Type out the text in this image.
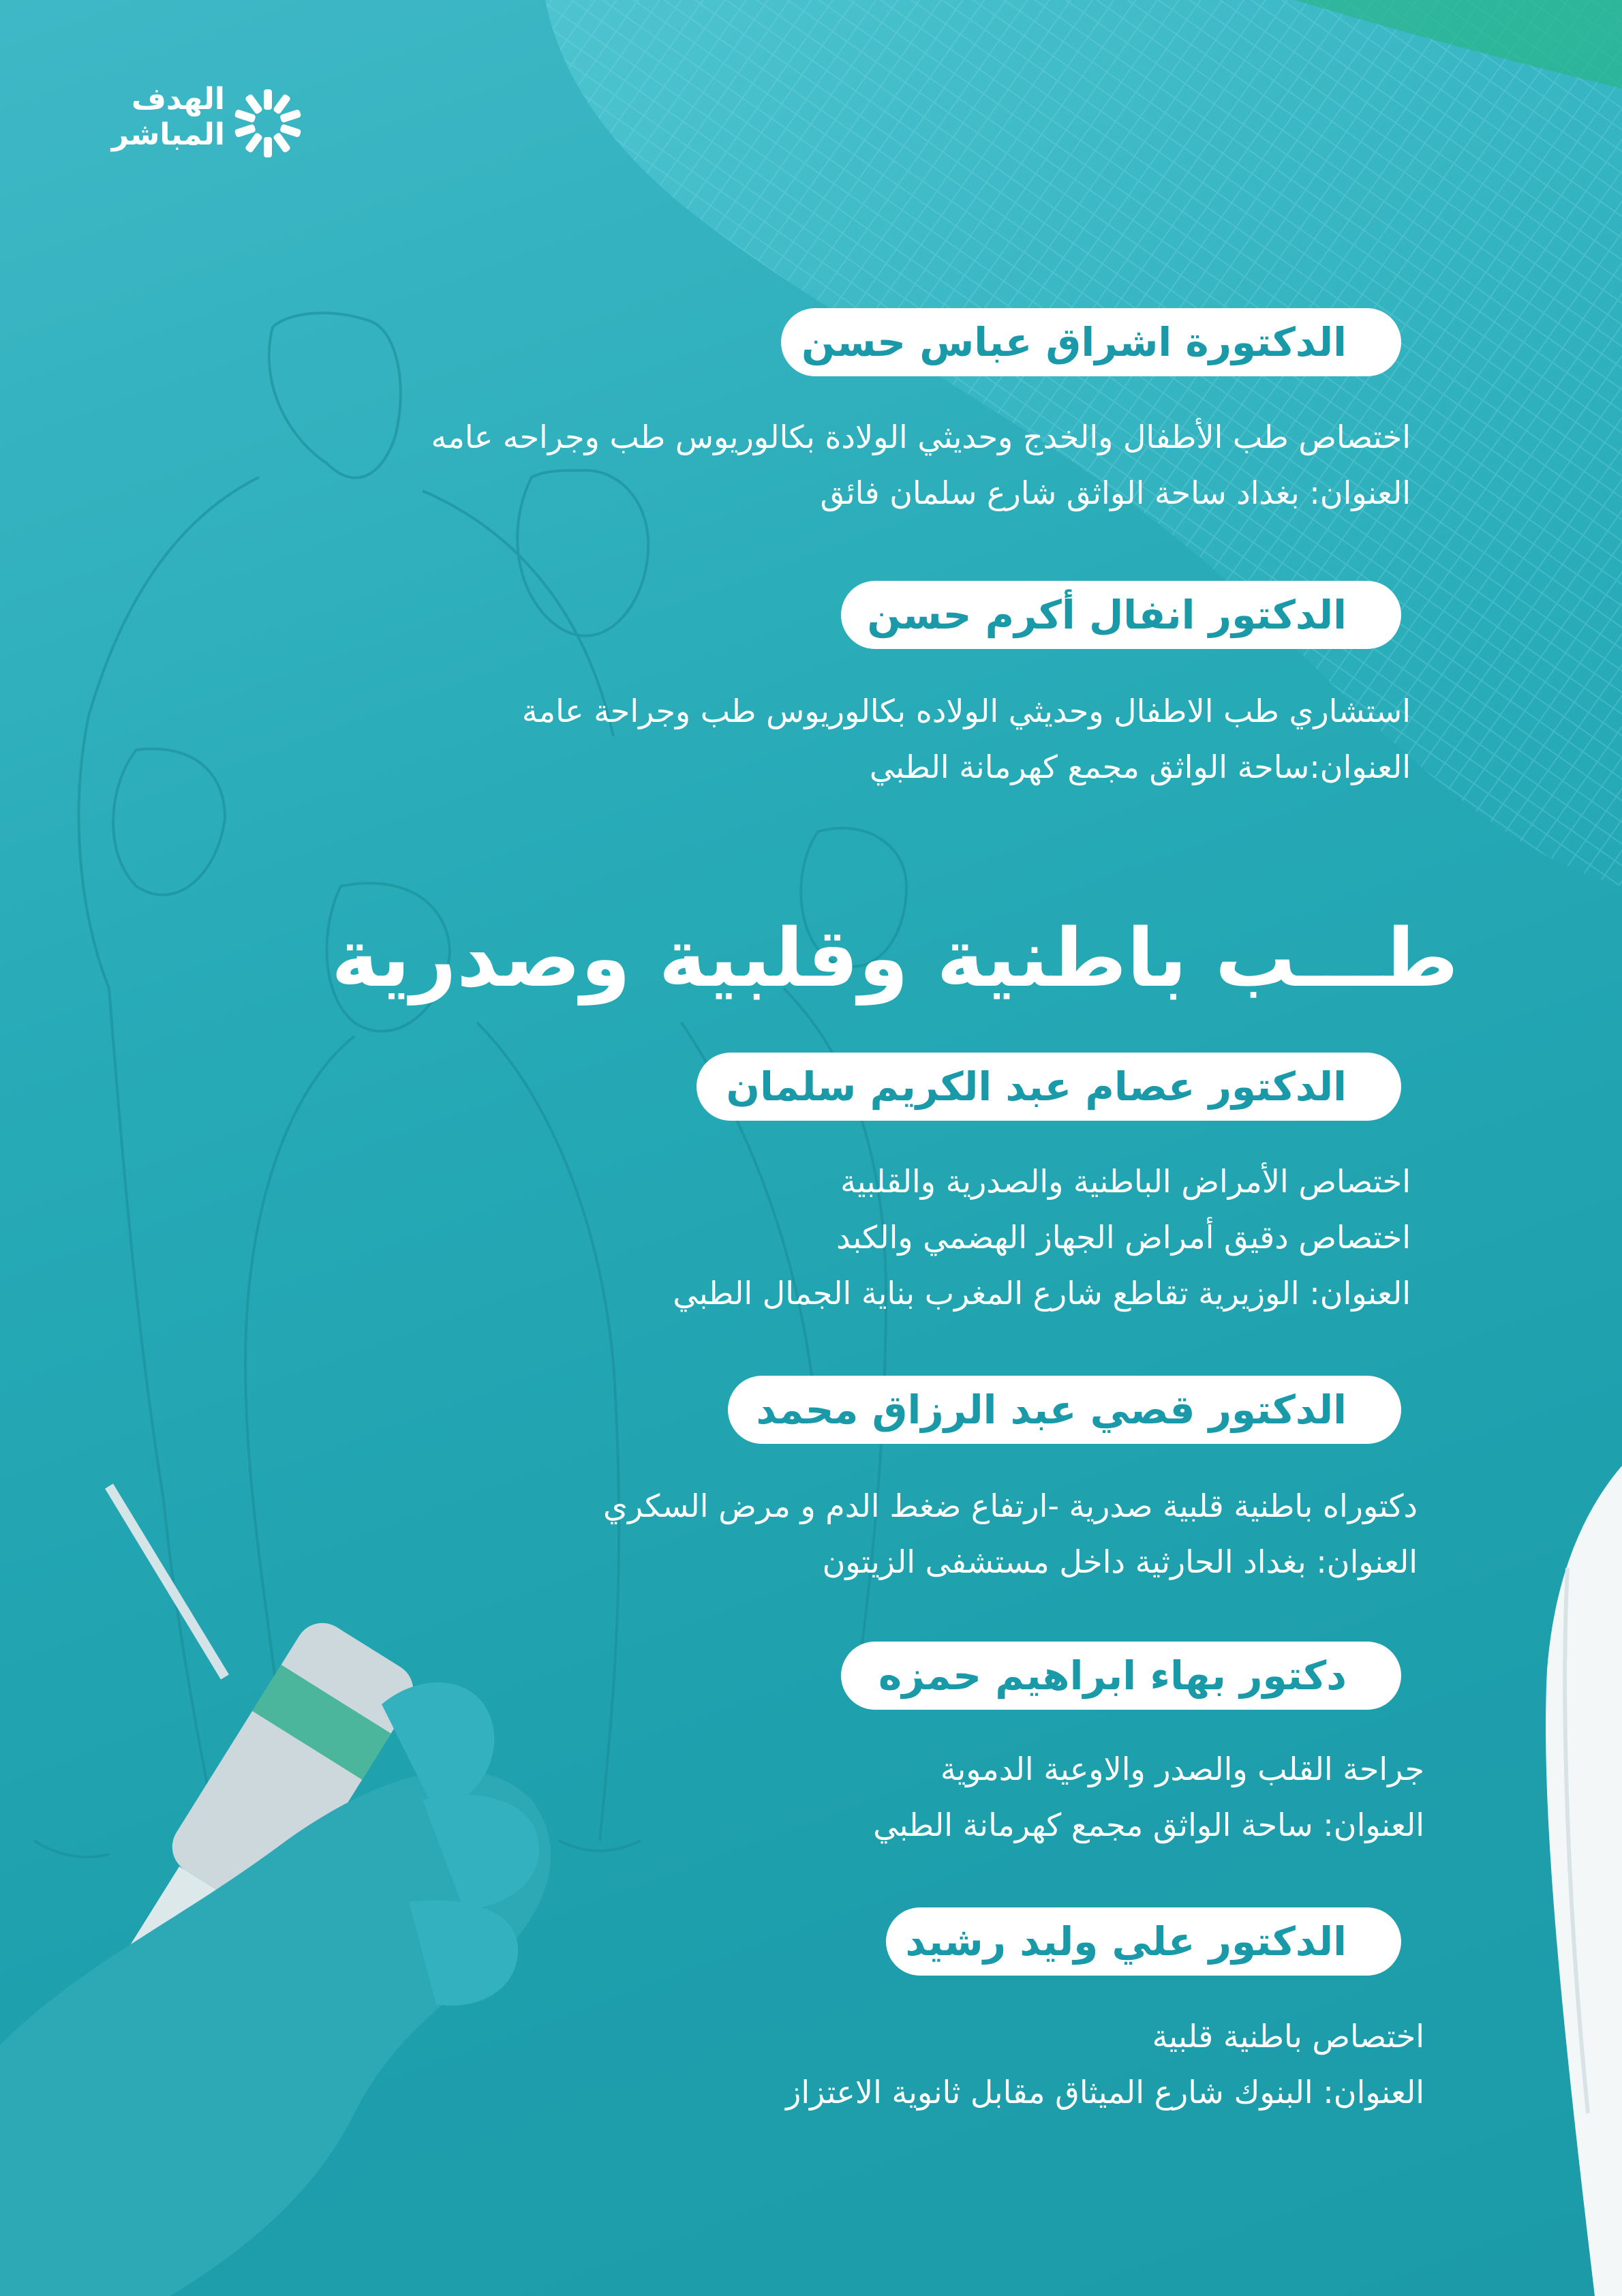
الهدف
المباشر
الدكتورة اشراق عباس حسن
اختصاص طب الأطفال والخدج وحديثي الولادة بكالوريوس طب وجراحه عامه
العنوان: بغداد ساحة الواثق شارع سلمان فائق
الدكتور انفال أكرم حسن
استشاري طب الاطفال وحديثي الولاده بكالوريوس طب وجراحة عامة
العنوان:ساحة الواثق مجمع كهرمانة الطبي
طـــب باطنية وقلبية وصدرية
الدكتور عصام عبد الكريم سلمان
اختصاص الأمراض الباطنية والصدرية والقلبية
اختصاص دقيق أمراض الجهاز الهضمي والكبد
العنوان: الوزيرية تقاطع شارع المغرب بناية الجمال الطبي
الدكتور قصي عبد الرزاق محمد
دكتوراه باطنية قلبية صدرية -ارتفاع ضغط الدم و مرض السكري
العنوان: بغداد الحارثية داخل مستشفى الزيتون
دكتور بهاء ابراهيم حمزه
جراحة القلب والصدر والاوعية الدموية
العنوان: ساحة الواثق مجمع كهرمانة الطبي
الدكتور علي وليد رشيد
اختصاص باطنية قلبية
العنوان: البنوك شارع الميثاق مقابل ثانوية الاعتزاز
